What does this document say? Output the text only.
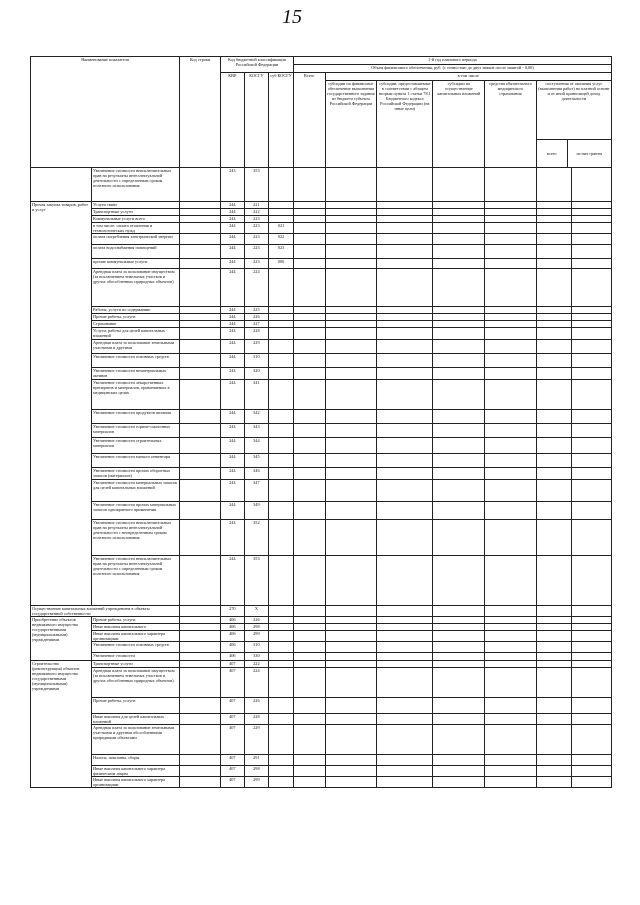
15
Наименование показателя		Код строки	Код бюджетной классификации Российской Федерации			1-й год планового периода						
						Объем финансового обеспечения, руб. (с точностью до двух знаков после запятой - 0,00)						
			КВР	КОСГУ	суб КОСГУ	Всего	в том числе					
							субсидии на финансовое обеспечение выполнения государственного задания из бюджета субъекта Российской Федерации	субсидии, предоставляемые в соответствии с абзацем вторым пункта 1 статьи 78.1 Бюджетного кодекса Российской Федерации (на иные цели)	субсидии на осуществление капитальных вложений	средства обязательного медицинского страхования	поступления от оказания услуг (выполнения работ) на платной основе и от иной приносящей доход деятельности
всего из них гранты	

	Увеличение стоимости неисключительных прав на результаты интеллектуальной деятельности с определенным сроком полезного использования		243	353								
Прочая закупка товаров, работ и услуг	Услуги связи		244	221								
	Транспортные услуги		244	222								
	Коммунальные услуги всего		244	223								
	в том числе: оплата отопления и технологических нужд		244	223	021							
	оплата потребления электрической энергии		244	223	022							
	оплата водоснабжения помещений		244	223	023							
	прочие коммунальные услуги		244	223	000							
	Арендная плата за пользование имуществом (за исключением земельных участков и других обособленных природных объектов)		244	224								
	Работы, услуги по содержанию		244	225								
	Прочие работы, услуги		244	226								
	Страхование		244	227								
	Услуги, работы для целей капитальных вложений		244	228								
	Арендная плата за пользование земельными участками и другими		244	229								
	Увеличение стоимости основных средств		244	310								
	Увеличение стоимости нематериальных активов		244	320								
	Увеличение стоимости лекарственных препаратов и материалов, применяемых в медицинских целях		244	341								
	Увеличение стоимости продуктов питания		244	342								
	Увеличение стоимости горюче-смазочных материалов		244	343								
	Увеличение стоимости строительных материалов		244	344								
	Увеличение стоимости мягкого инвентаря		244	345								
	Увеличение стоимости прочих оборотных запасов (материалов)		244	346								
	Увеличение стоимости материальных запасов для целей капитальных вложений		244	347								
	Увеличение стоимости прочих материальных запасов однократного применения		244	349								
	Увеличение стоимости неисключительных прав на результаты интеллектуальной деятельности с неопределенным сроком полезного использования		244	352								
	Увеличение стоимости неисключительных прав на результаты интеллектуальной деятельности с определенным сроком полезного использования		244	353								
Осуществление капитальных вложений учреждением в объекты государственной собственности			270	X								
Приобретение объектов недвижимого имущества государственными (муниципальными) учреждениями	Прочие работы, услуги		406	226								
	Иные выплаты капитального		406	298								
	Иные выплаты капитального характера организациям		406	299								
	Увеличение стоимости основных средств		406	310								
	Увеличение стоимости		406	330								
Строительство (реконструкция) объектов недвижимого имущества государственными (муниципальными) учреждениями	Транспортные услуги		407	222								
	Арендная плата за пользование имуществом (за исключением земельных участков и других обособленных природных объектов)		407	224								
	Прочие работы, услуги		407	226								
	Иные выплаты для целей капитальных вложений		407	228								
	Арендная плата за пользование земельными участками и другими обособленными природными объектами		407	229								
	Налоги, пошлины, сборы		407	291								
	Иные выплаты капитального характера физическим лицам		407	298								
	Иные выплаты капитального характера организациям		407	299								
